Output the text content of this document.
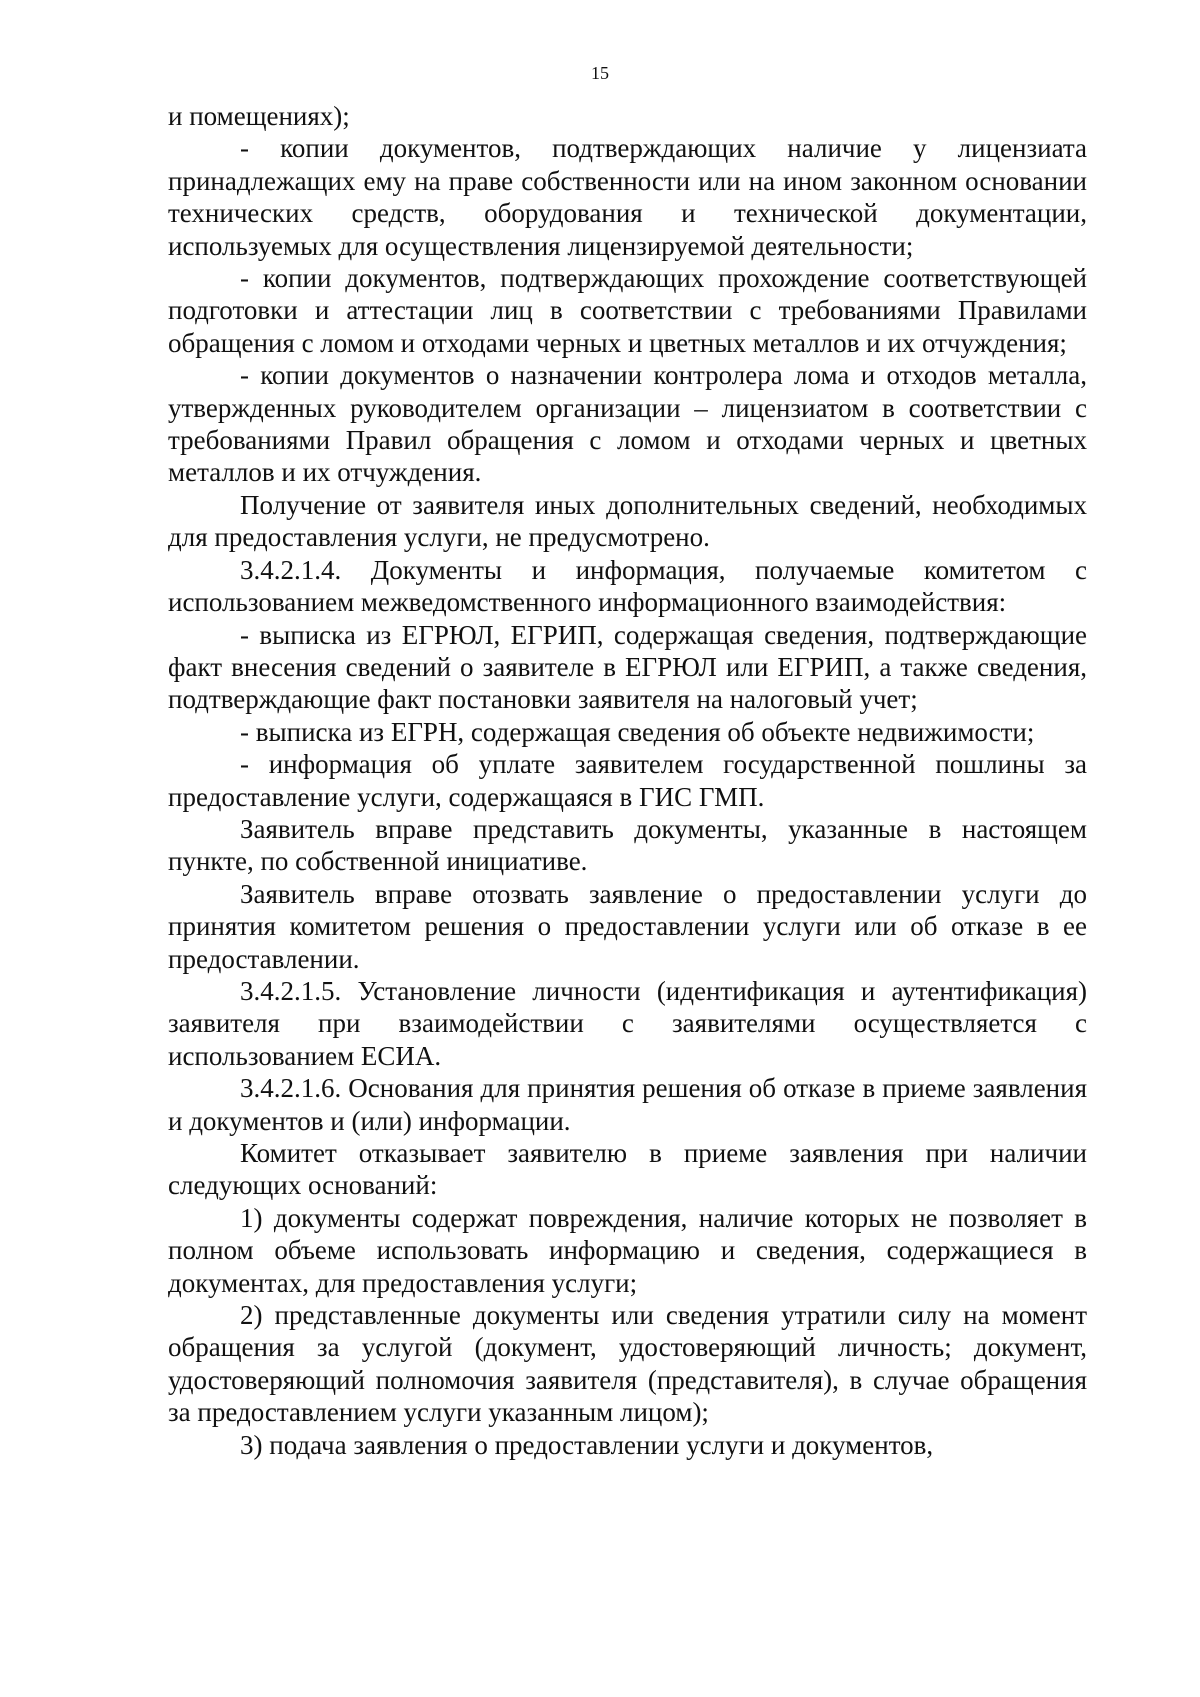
15

и помещениях);

- копии документов, подтверждающих наличие у лицензиата принадлежащих ему на праве собственности или на ином законном основании технических средств, оборудования и технической документации, используемых для осуществления лицензируемой деятельности;

- копии документов, подтверждающих прохождение соответствующей подготовки и аттестации лиц в соответствии с требованиями Правилами обращения с ломом и отходами черных и цветных металлов и их отчуждения;

- копии документов о назначении контролера лома и отходов металла, утвержденных руководителем организации – лицензиатом в соответствии с требованиями Правил обращения с ломом и отходами черных и цветных металлов и их отчуждения.

Получение от заявителя иных дополнительных сведений, необходимых для предоставления услуги, не предусмотрено.

3.4.2.1.4. Документы и информация, получаемые комитетом с использованием межведомственного информационного взаимодействия:

- выписка из ЕГРЮЛ, ЕГРИП, содержащая сведения, подтверждающие факт внесения сведений о заявителе в ЕГРЮЛ или ЕГРИП, а также сведения, подтверждающие факт постановки заявителя на налоговый учет;

- выписка из ЕГРН, содержащая сведения об объекте недвижимости;

- информация об уплате заявителем государственной пошлины за предоставление услуги, содержащаяся в ГИС ГМП.

Заявитель вправе представить документы, указанные в настоящем пункте, по собственной инициативе.

Заявитель вправе отозвать заявление о предоставлении услуги до принятия комитетом решения о предоставлении услуги или об отказе в ее предоставлении.

3.4.2.1.5. Установление личности (идентификация и аутентификация) заявителя при взаимодействии с заявителями осуществляется с использованием ЕСИА.

3.4.2.1.6. Основания для принятия решения об отказе в приеме заявления и документов и (или) информации.

Комитет отказывает заявителю в приеме заявления при наличии следующих оснований:

1) документы содержат повреждения, наличие которых не позволяет в полном объеме использовать информацию и сведения, содержащиеся в документах, для предоставления услуги;

2) представленные документы или сведения утратили силу на момент обращения за услугой (документ, удостоверяющий личность; документ, удостоверяющий полномочия заявителя (представителя), в случае обращения за предоставлением услуги указанным лицом);

3) подача заявления о предоставлении услуги и документов,
